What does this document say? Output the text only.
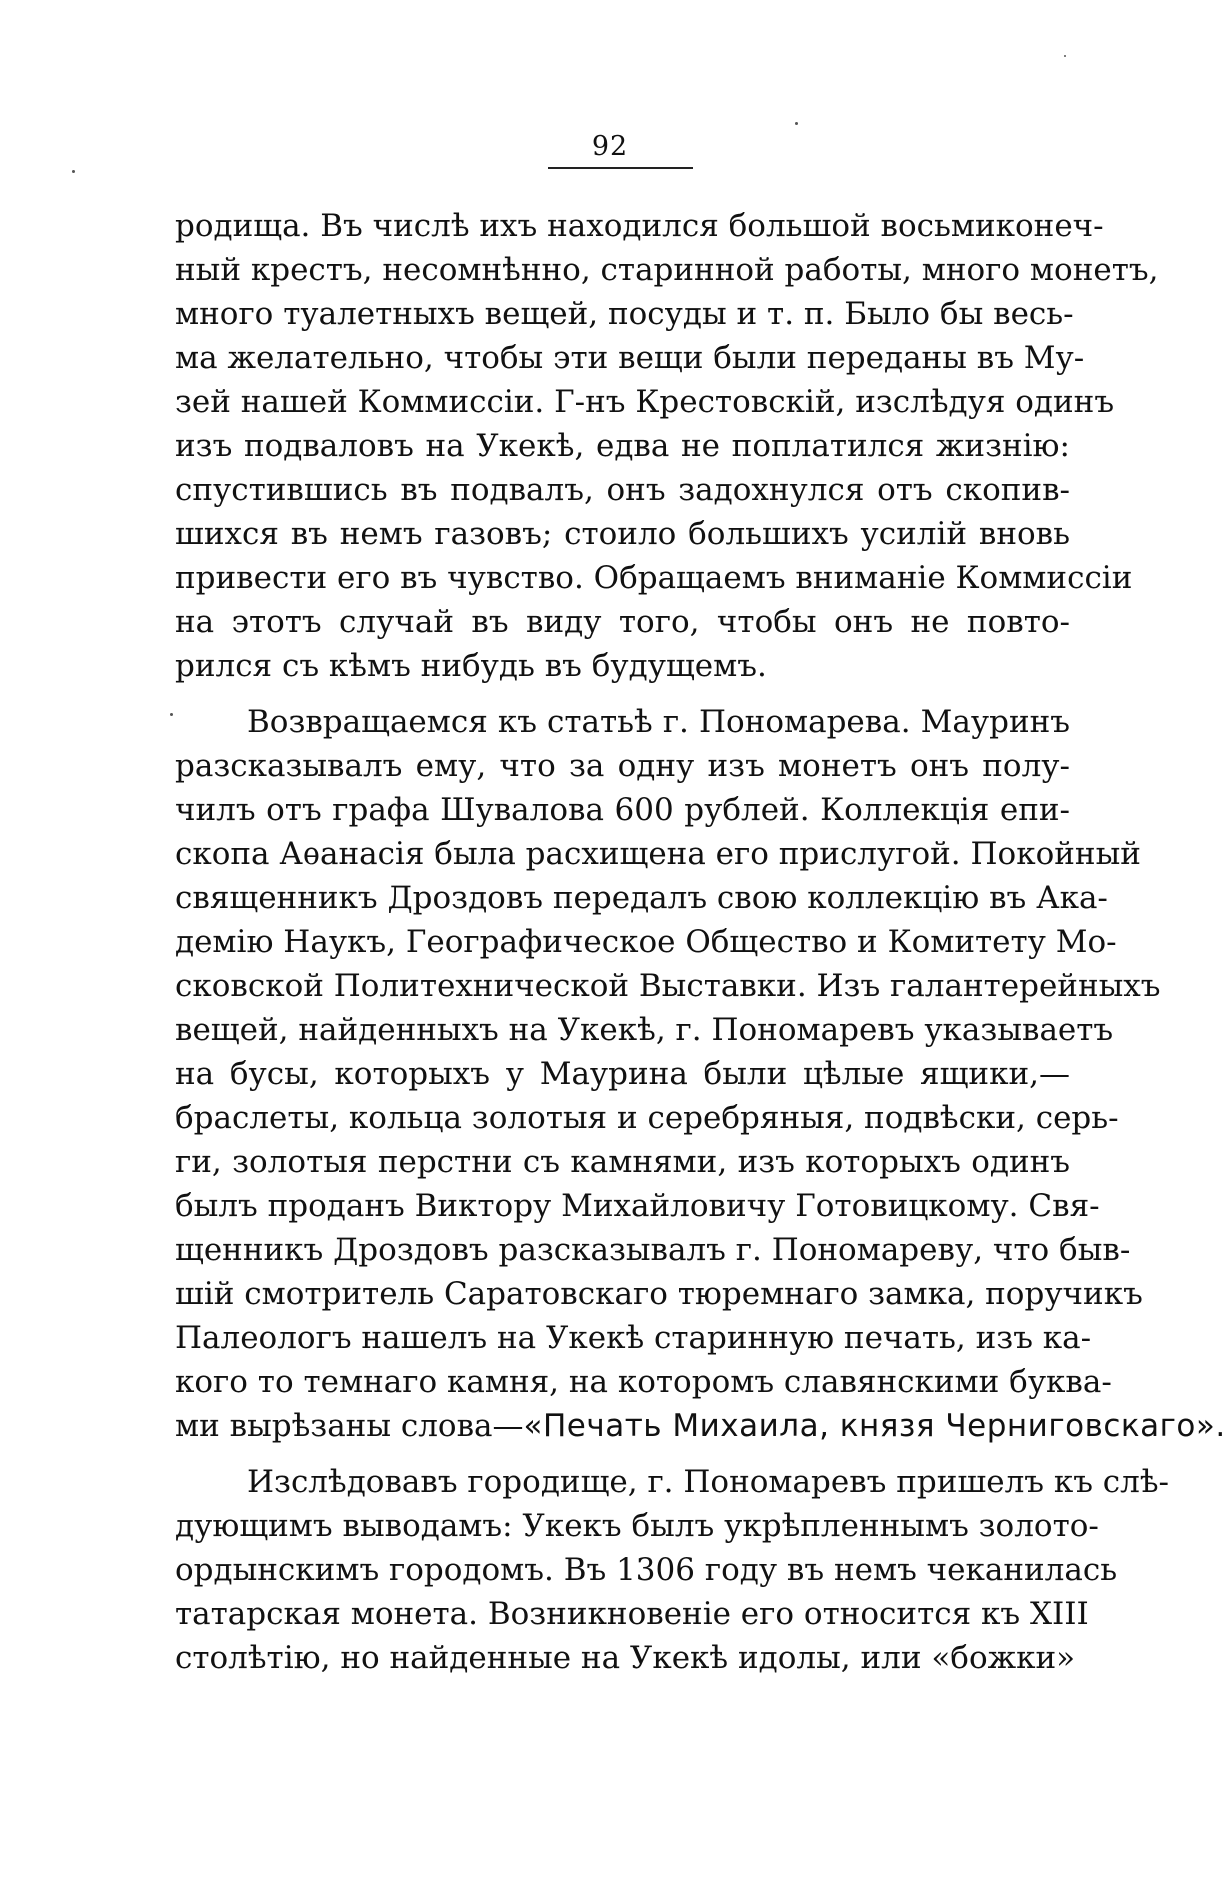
92
родища. Въ числѣ ихъ находился большой восьмиконеч-
ный крестъ, несомнѣнно, старинной работы, много монетъ,
много туалетныхъ вещей, посуды и т. п. Было бы весь-
ма желательно, чтобы эти вещи были переданы въ Му-
зей нашей Коммиссіи. Г-нъ Крестовскій, изслѣдуя одинъ
изъ подваловъ на Укекѣ, едва не поплатился жизнію:
спустившись въ подвалъ, онъ задохнулся отъ скопив-
шихся въ немъ газовъ; стоило большихъ усилій вновь
привести его въ чувство. Обращаемъ вниманіе Коммиссіи
на этотъ случай въ виду того, чтобы онъ не повто-
рился съ кѣмъ нибудь въ будущемъ.
Возвращаемся къ статьѣ г. Пономарева. Мауринъ
разсказывалъ ему, что за одну изъ монетъ онъ полу-
чилъ отъ графа Шувалова 600 рублей. Коллекція епи-
скопа Аѳанасія была расхищена его прислугой. Покойный
священникъ Дроздовъ передалъ свою коллекцію въ Ака-
демію Наукъ, Географическое Общество и Комитету Мо-
сковской Политехнической Выставки. Изъ галантерейныхъ
вещей, найденныхъ на Укекѣ, г. Пономаревъ указываетъ
на бусы, которыхъ у Маурина были цѣлые ящики,—
браслеты, кольца золотыя и серебряныя, подвѣски, серь-
ги, золотыя перстни съ камнями, изъ которыхъ одинъ
былъ проданъ Виктору Михайловичу Готовицкому. Свя-
щенникъ Дроздовъ разсказывалъ г. Пономареву, что быв-
шій смотритель Саратовскаго тюремнаго замка, поручикъ
Палеологъ нашелъ на Укекѣ старинную печать, изъ ка-
кого то темнаго камня, на которомъ славянскими буква-
ми вырѣзаны слова—«Печать Михаила, князя Черниговскаго».
Изслѣдовавъ городище, г. Пономаревъ пришелъ къ слѣ-
дующимъ выводамъ: Укекъ былъ укрѣпленнымъ золото-
ордынскимъ городомъ. Въ 1306 году въ немъ чеканилась
татарская монета. Возникновеніе его относится къ XIII
столѣтію, но найденные на Укекѣ идолы, или «божки»
